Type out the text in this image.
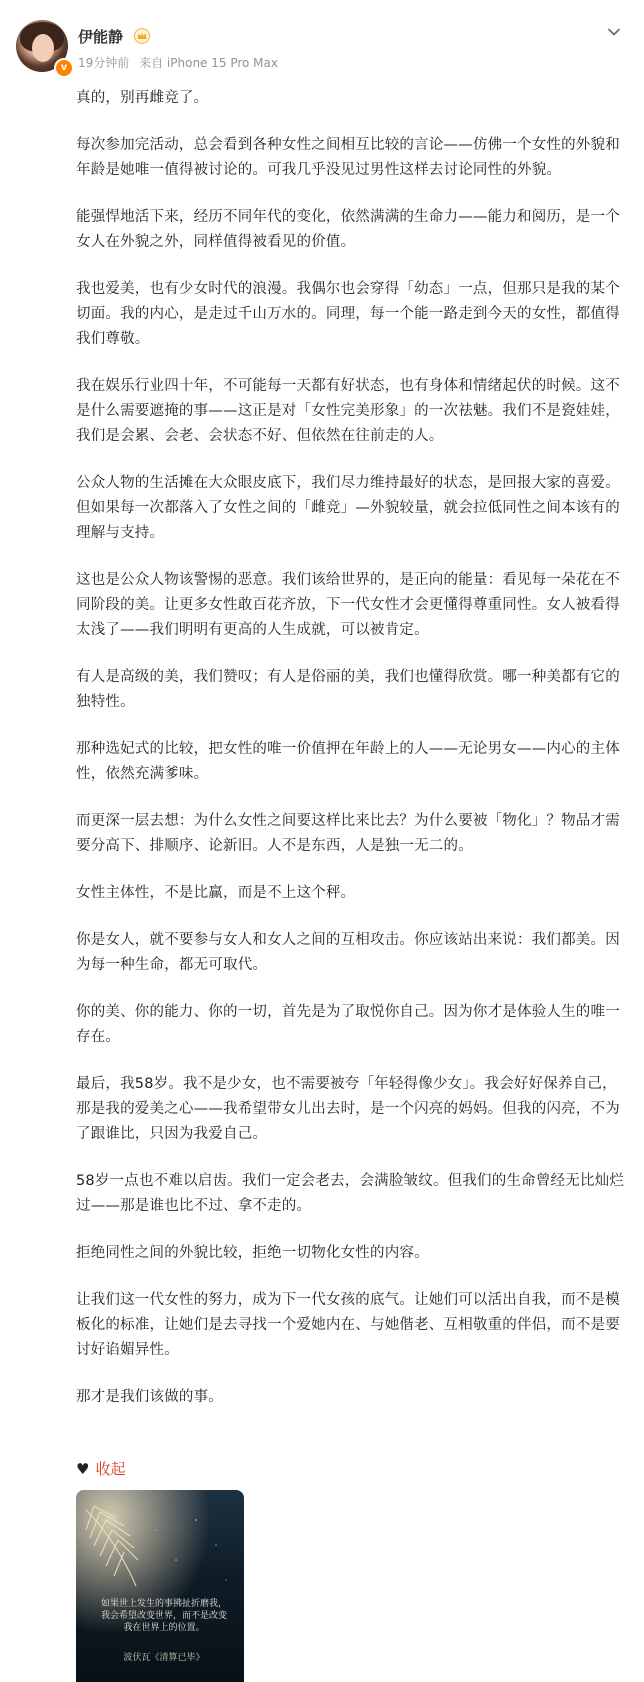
v
伊能静
19分钟前 来自 iPhone 15 Pro Max

真的，别再雌竞了。

每次参加完活动，总会看到各种女性之间相互比较的言论——仿佛一个女性的外貌和年龄是她唯一值得被讨论的。可我几乎没见过男性这样去讨论同性的外貌。

能强悍地活下来，经历不同年代的变化，依然满满的生命力——能力和阅历，是一个女人在外貌之外，同样值得被看见的价值。

我也爱美，也有少女时代的浪漫。我偶尔也会穿得「幼态」一点，但那只是我的某个切面。我的内心，是走过千山万水的。同理，每一个能一路走到今天的女性，都值得我们尊敬。

我在娱乐行业四十年，不可能每一天都有好状态，也有身体和情绪起伏的时候。这不是什么需要遮掩的事——这正是对「女性完美形象」的一次祛魅。我们不是瓷娃娃，我们是会累、会老、会状态不好、但依然在往前走的人。

公众人物的生活摊在大众眼皮底下，我们尽力维持最好的状态，是回报大家的喜爱。但如果每一次都落入了女性之间的「雌竞」—外貌较量，就会拉低同性之间本该有的理解与支持。

这也是公众人物该警惕的恶意。我们该给世界的，是正向的能量：看见每一朵花在不同阶段的美。让更多女性敢百花齐放，下一代女性才会更懂得尊重同性。女人被看得太浅了——我们明明有更高的人生成就，可以被肯定。

有人是高级的美，我们赞叹；有人是俗丽的美，我们也懂得欣赏。哪一种美都有它的独特性。

那种选妃式的比较，把女性的唯一价值押在年龄上的人——无论男女——内心的主体性，依然充满爹味。

而更深一层去想：为什么女性之间要这样比来比去？为什么要被「物化」？物品才需要分高下、排顺序、论新旧。人不是东西，人是独一无二的。

女性主体性，不是比赢，而是不上这个秤。

你是女人，就不要参与女人和女人之间的互相攻击。你应该站出来说：我们都美。因为每一种生命，都无可取代。

你的美、你的能力、你的一切，首先是为了取悦你自己。因为你才是体验人生的唯一存在。

最后，我58岁。我不是少女，也不需要被夸「年轻得像少女」。我会好好保养自己，那是我的爱美之心——我希望带女儿出去时，是一个闪亮的妈妈。但我的闪亮，不为了跟谁比，只因为我爱自己。

58岁一点也不难以启齿。我们一定会老去，会满脸皱纹。但我们的生命曾经无比灿烂过——那是谁也比不过、拿不走的。

拒绝同性之间的外貌比较，拒绝一切物化女性的内容。

让我们这一代女性的努力，成为下一代女孩的底气。让她们可以活出自我，而不是模板化的标准，让她们是去寻找一个爱她内在、与她偕老、互相敬重的伴侣，而不是要讨好谄媚异性。

那才是我们该做的事。

♥ 收起
如果世上发生的事拂扯折磨我，我会希望改变世界，而不是改变我在世界上的位置。
波伏瓦《清算已毕》
